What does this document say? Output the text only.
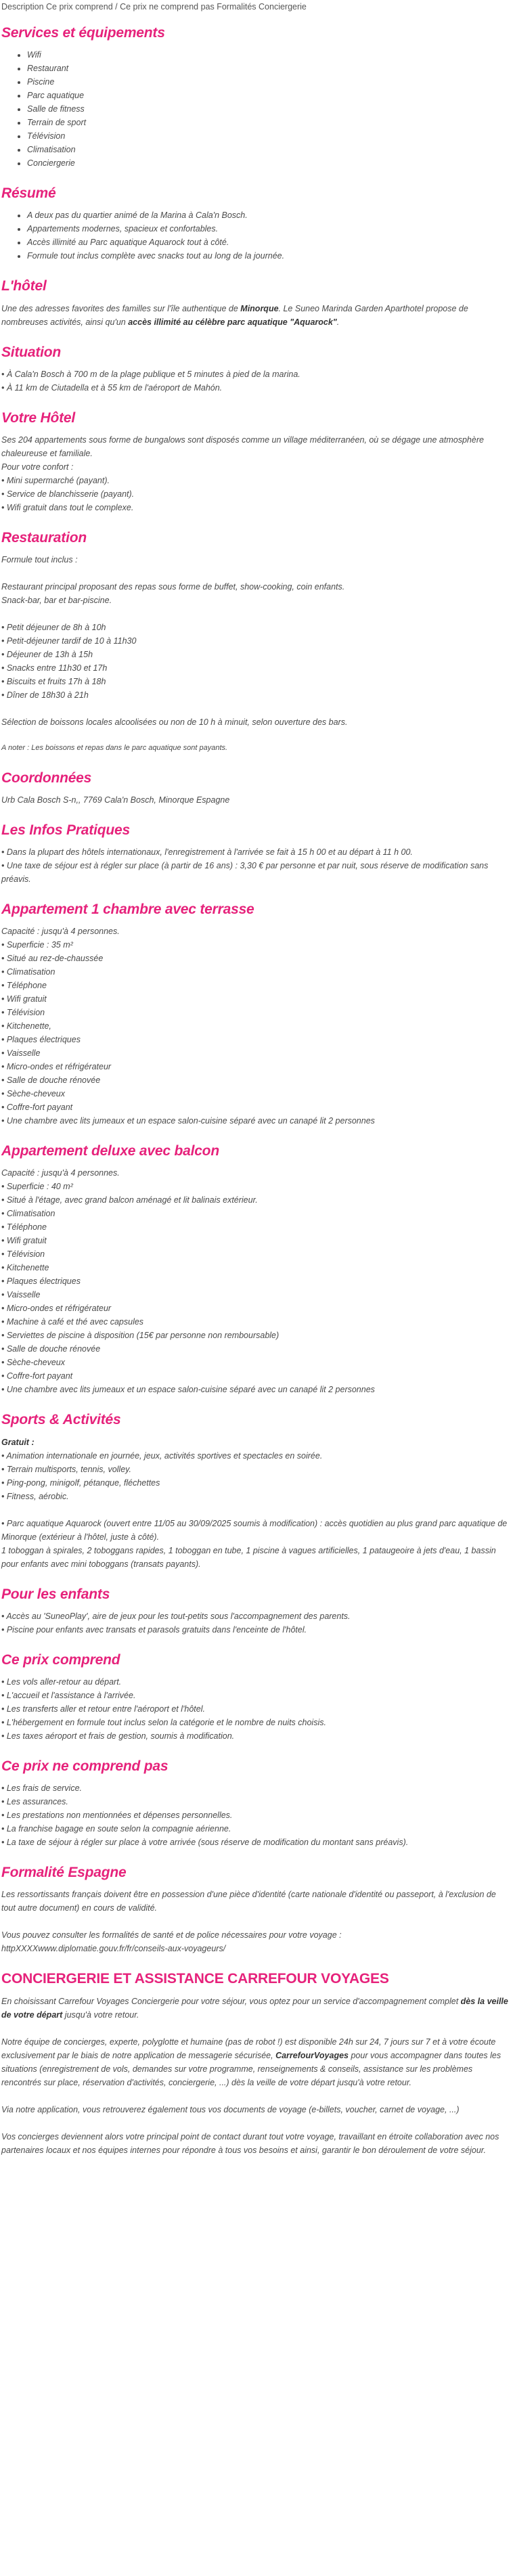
Description Ce prix comprend / Ce prix ne comprend pas Formalités Conciergerie

Services et équipements
• Wifi
• Restaurant
• Piscine
• Parc aquatique
• Salle de fitness
• Terrain de sport
• Télévision
• Climatisation
• Conciergerie
Résumé
• A deux pas du quartier animé de la Marina à Cala'n Bosch.
• Appartements modernes, spacieux et confortables.
• Accès illimité au Parc aquatique Aquarock tout à côté.
• Formule tout inclus complète avec snacks tout au long de la journée.
L'hôtel

Une des adresses favorites des familles sur l'île authentique de Minorque. Le Suneo Marinda Garden Aparthotel propose de nombreuses activités, ainsi qu'un accès illimité au célèbre parc aquatique "Aquarock".

Situation

• À Cala'n Bosch à 700 m de la plage publique et 5 minutes à pied de la marina.

• À 11 km de Ciutadella et à 55 km de l'aéroport de Mahón.

Votre Hôtel

Ses 204 appartements sous forme de bungalows sont disposés comme un village méditerranéen, où se dégage une atmosphère chaleureuse et familiale.

Pour votre confort :

• Mini supermarché (payant).

• Service de blanchisserie (payant).

• Wifi gratuit dans tout le complexe.

Restauration

Formule tout inclus :

Restaurant principal proposant des repas sous forme de buffet, show-cooking, coin enfants.

Snack-bar, bar et bar-piscine.

• Petit déjeuner de 8h à 10h

• Petit-déjeuner tardif de 10 à 11h30

• Déjeuner de 13h à 15h

• Snacks entre 11h30 et 17h

• Biscuits et fruits 17h à 18h

• Dîner de 18h30 à 21h

Sélection de boissons locales alcoolisées ou non de 10 h à minuit, selon ouverture des bars.

A noter : Les boissons et repas dans le parc aquatique sont payants.

Coordonnées

Urb Cala Bosch S-n,, 7769 Cala'n Bosch, Minorque Espagne

Les Infos Pratiques

• Dans la plupart des hôtels internationaux, l'enregistrement à l'arrivée se fait à 15 h 00 et au départ à 11 h 00.

• Une taxe de séjour est à régler sur place (à partir de 16 ans) : 3,30 € par personne et par nuit, sous réserve de modification sans préavis.

Appartement 1 chambre avec terrasse

Capacité : jusqu'à 4 personnes.

• Superficie : 35 m²

• Situé au rez-de-chaussée

• Climatisation

• Téléphone

• Wifi gratuit

• Télévision

• Kitchenette,

• Plaques électriques

• Vaisselle

• Micro-ondes et réfrigérateur

• Salle de douche rénovée

• Sèche-cheveux

• Coffre-fort payant

• Une chambre avec lits jumeaux et un espace salon-cuisine séparé avec un canapé lit 2 personnes

Appartement deluxe avec balcon

Capacité : jusqu'à 4 personnes.

• Superficie : 40 m²

• Situé à l'étage, avec grand balcon aménagé et lit balinais extérieur.

• Climatisation

• Téléphone

• Wifi gratuit

• Télévision

• Kitchenette

• Plaques électriques

• Vaisselle

• Micro-ondes et réfrigérateur

• Machine à café et thé avec capsules

• Serviettes de piscine à disposition (15€ par personne non remboursable)

• Salle de douche rénovée

• Sèche-cheveux

• Coffre-fort payant

• Une chambre avec lits jumeaux et un espace salon-cuisine séparé avec un canapé lit 2 personnes

Sports & Activités

Gratuit :

• Animation internationale en journée, jeux, activités sportives et spectacles en soirée.

• Terrain multisports, tennis, volley.

• Ping-pong, minigolf, pétanque, fléchettes

• Fitness, aérobic.

• Parc aquatique Aquarock (ouvert entre 11/05 au 30/09/2025 soumis à modification) : accès quotidien au plus grand parc aquatique de Minorque (extérieur à l'hôtel, juste à côté).

1 toboggan à spirales, 2 toboggans rapides, 1 toboggan en tube, 1 piscine à vagues artificielles, 1 pataugeoire à jets d'eau, 1 bassin pour enfants avec mini toboggans (transats payants).

Pour les enfants

• Accès au 'SuneoPlay', aire de jeux pour les tout-petits sous l'accompagnement des parents.

• Piscine pour enfants avec transats et parasols gratuits dans l'enceinte de l'hôtel.

Ce prix comprend

• Les vols aller-retour au départ.

• L'accueil et l'assistance à l'arrivée.

• Les transferts aller et retour entre l'aéroport et l'hôtel.

• L'hébergement en formule tout inclus selon la catégorie et le nombre de nuits choisis.

• Les taxes aéroport et frais de gestion, soumis à modification.

Ce prix ne comprend pas

• Les frais de service.

• Les assurances.

• Les prestations non mentionnées et dépenses personnelles.

• La franchise bagage en soute selon la compagnie aérienne.

• La taxe de séjour à régler sur place à votre arrivée (sous réserve de modification du montant sans préavis).

Formalité Espagne

Les ressortissants français doivent être en possession d'une pièce d'identité (carte nationale d'identité ou passeport, à l'exclusion de tout autre document) en cours de validité.

Vous pouvez consulter les formalités de santé et de police nécessaires pour votre voyage :

httpXXXXwww.diplomatie.gouv.fr/fr/conseils-aux-voyageurs/

CONCIERGERIE ET ASSISTANCE CARREFOUR VOYAGES

En choisissant Carrefour Voyages Conciergerie pour votre séjour, vous optez pour un service d'accompagnement complet dès la veille de votre départ jusqu'à votre retour.

Notre équipe de concierges, experte, polyglotte et humaine (pas de robot !) est disponible 24h sur 24, 7 jours sur 7 et à votre écoute exclusivement par le biais de notre application de messagerie sécurisée, CarrefourVoyages pour vous accompagner dans toutes les situations (enregistrement de vols, demandes sur votre programme, renseignements & conseils, assistance sur les problèmes rencontrés sur place, réservation d'activités, conciergerie, ...) dès la veille de votre départ jusqu'à votre retour.

Via notre application, vous retrouverez également tous vos documents de voyage (e-billets, voucher, carnet de voyage, ...)

Vos concierges deviennent alors votre principal point de contact durant tout votre voyage, travaillant en étroite collaboration avec nos partenaires locaux et nos équipes internes pour répondre à tous vos besoins et ainsi, garantir le bon déroulement de votre séjour.
